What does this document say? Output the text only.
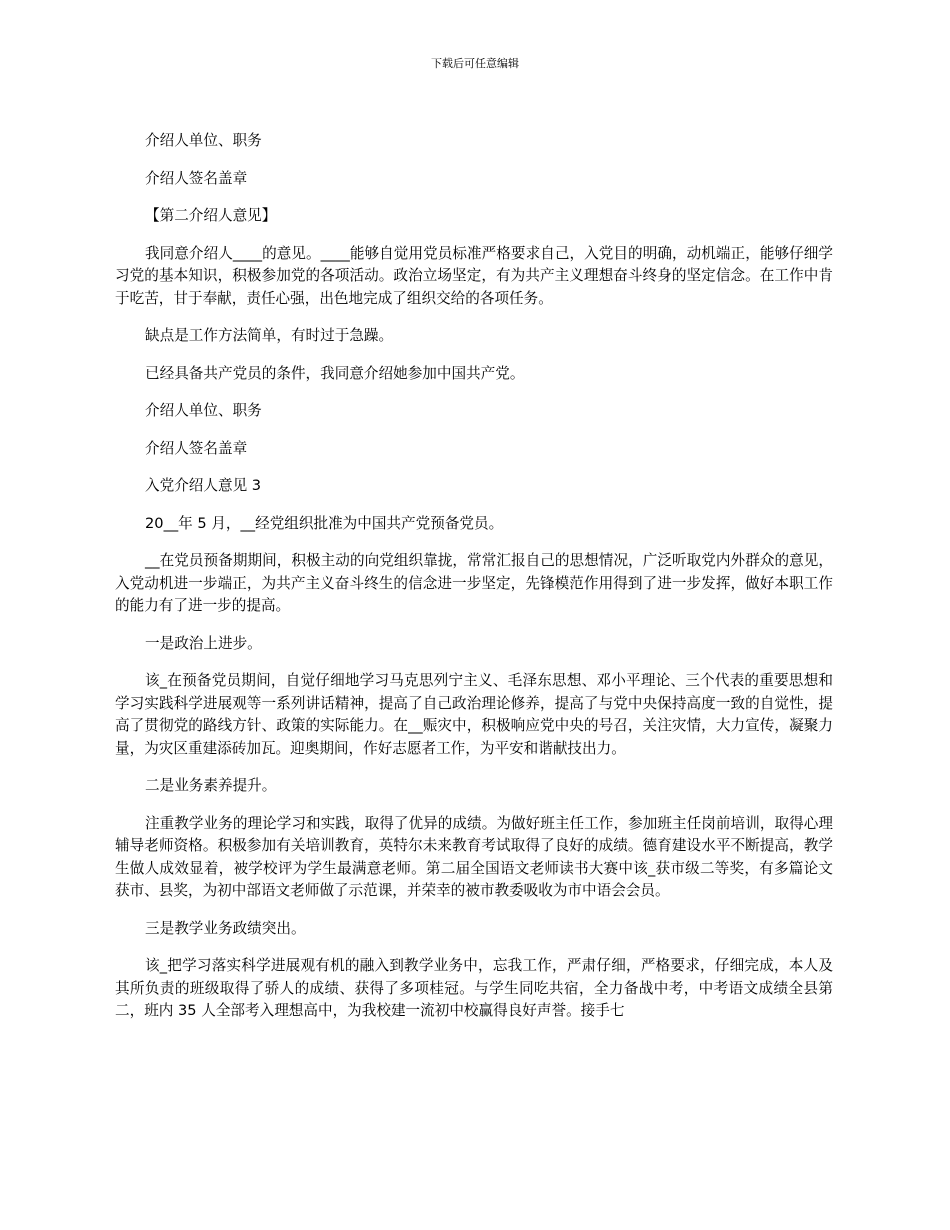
下载后可任意编辑

介绍人单位、职务

介绍人签名盖章

【第二介绍人意见】

我同意介绍人____的意见。____能够自觉用党员标准严格要求自己，入党目的明确，动机端正，能够仔细学习党的基本知识，积极参加党的各项活动。政治立场坚定，有为共产主义理想奋斗终身的坚定信念。在工作中肯于吃苦，甘于奉献，责任心强，出色地完成了组织交给的各项任务。

缺点是工作方法简单，有时过于急躁。

已经具备共产党员的条件，我同意介绍她参加中国共产党。

介绍人单位、职务

介绍人签名盖章

入党介绍人意见 3

20__年 5 月，__经党组织批准为中国共产党预备党员。

__在党员预备期期间，积极主动的向党组织靠拢，常常汇报自己的思想情况，广泛听取党内外群众的意见，入党动机进一步端正，为共产主义奋斗终生的信念进一步坚定，先锋模范作用得到了进一步发挥，做好本职工作的能力有了进一步的提高。

一是政治上进步。

该_在预备党员期间，自觉仔细地学习马克思列宁主义、毛泽东思想、邓小平理论、三个代表的重要思想和学习实践科学进展观等一系列讲话精神，提高了自己政治理论修养，提高了与党中央保持高度一致的自觉性，提高了贯彻党的路线方针、政策的实际能力。在__赈灾中，积极响应党中央的号召，关注灾情，大力宣传，凝聚力量，为灾区重建添砖加瓦。迎奥期间，作好志愿者工作，为平安和谐献技出力。

二是业务素养提升。

注重教学业务的理论学习和实践，取得了优异的成绩。为做好班主任工作，参加班主任岗前培训，取得心理辅导老师资格。积极参加有关培训教育，英特尔未来教育考试取得了良好的成绩。德育建设水平不断提高，教学生做人成效显着，被学校评为学生最满意老师。第二届全国语文老师读书大赛中该_获市级二等奖，有多篇论文获市、县奖，为初中部语文老师做了示范课，并荣幸的被市教委吸收为市中语会会员。

三是教学业务政绩突出。

该_把学习落实科学进展观有机的融入到教学业务中，忘我工作，严肃仔细，严格要求，仔细完成，本人及其所负责的班级取得了骄人的成绩、获得了多项桂冠。与学生同吃共宿，全力备战中考，中考语文成绩全县第二，班内 35 人全部考入理想高中，为我校建一流初中校赢得良好声誉。接手七
